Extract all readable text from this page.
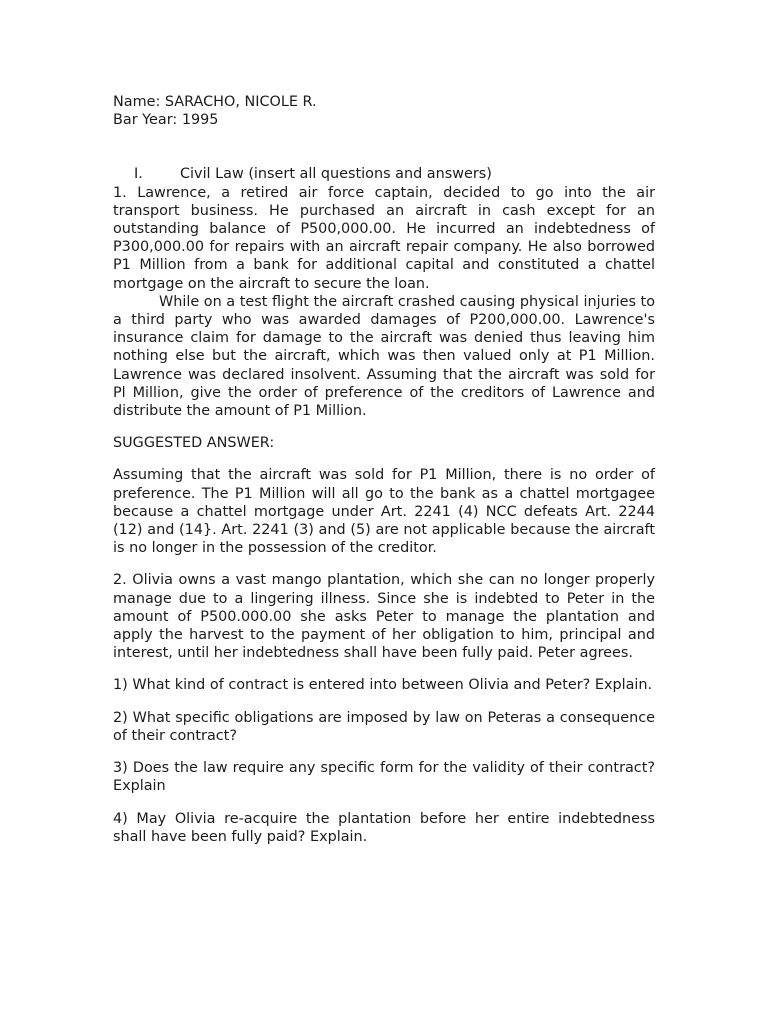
Name: SARACHO, NICOLE R.
Bar Year: 1995
I.	Civil Law (insert all questions and answers)

1. Lawrence, a retired air force captain, decided to go into the air transport business. He purchased an aircraft in cash except for an outstanding balance of P500,000.00. He incurred an indebtedness of P300,000.00 for repairs with an aircraft repair company. He also borrowed P1 Million from a bank for additional capital and constituted a chattel mortgage on the aircraft to secure the loan.

While on a test flight the aircraft crashed causing physical injuries to a third party who was awarded damages of P200,000.00. Lawrence's insurance claim for damage to the aircraft was denied thus leaving him nothing else but the aircraft, which was then valued only at P1 Million. Lawrence was declared insolvent. Assuming that the aircraft was sold for Pl Million, give the order of preference of the creditors of Lawrence and distribute the amount of P1 Million.

SUGGESTED ANSWER:

Assuming that the aircraft was sold for P1 Million, there is no order of preference. The P1 Million will all go to the bank as a chattel mortgagee because a chattel mortgage under Art. 2241 (4) NCC defeats Art. 2244 (12) and (14}. Art. 2241 (3) and (5) are not applicable because the aircraft is no longer in the possession of the creditor.

2. Olivia owns a vast mango plantation, which she can no longer properly manage due to a lingering illness. Since she is indebted to Peter in the amount of P500.000.00 she asks Peter to manage the plantation and apply the harvest to the payment of her obligation to him, principal and interest, until her indebtedness shall have been fully paid. Peter agrees.

1) What kind of contract is entered into between Olivia and Peter? Explain.

2) What specific obligations are imposed by law on Peteras a consequence of their contract?

3) Does the law require any specific form for the validity of their contract? Explain

4) May Olivia re-acquire the plantation before her entire indebtedness shall have been fully paid? Explain.
